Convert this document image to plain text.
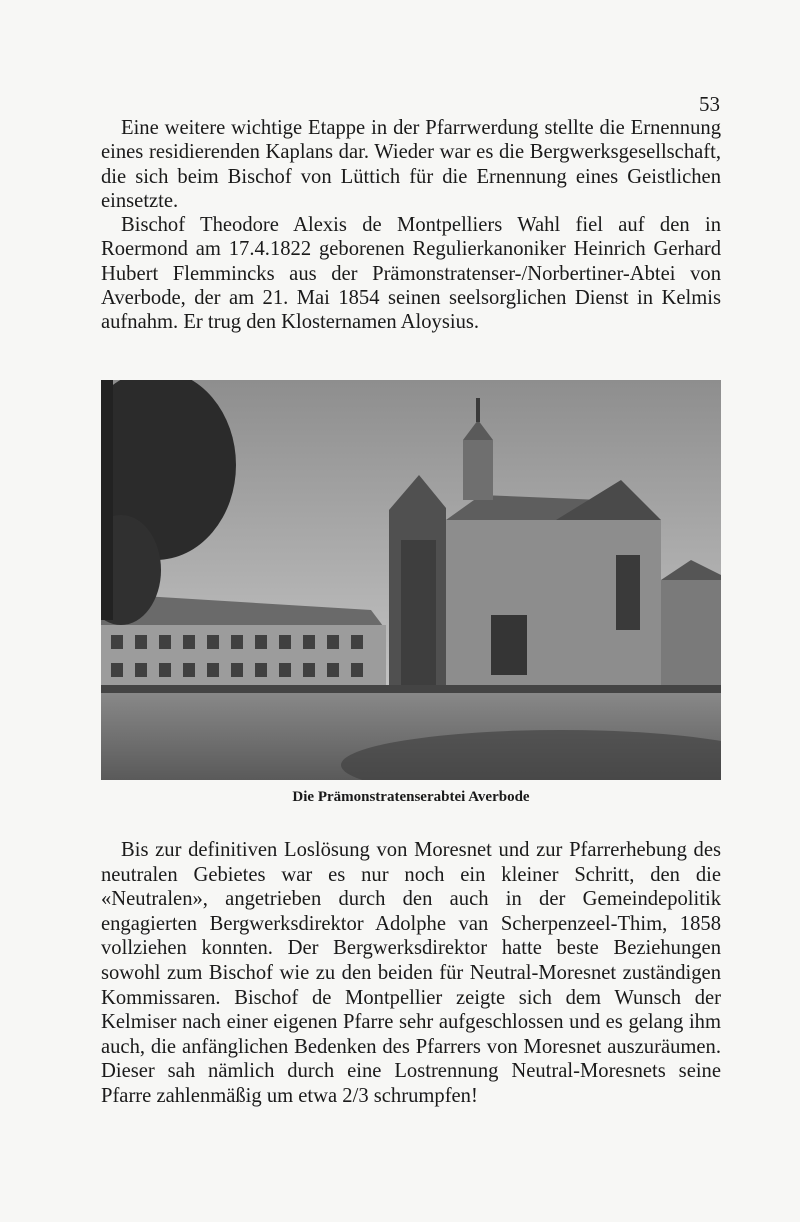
53

Eine weitere wichtige Etappe in der Pfarrwerdung stellte die Ernennung eines residierenden Kaplans dar. Wieder war es die Bergwerksgesellschaft, die sich beim Bischof von Lüttich für die Ernennung eines Geistlichen einsetzte.

Bischof Theodore Alexis de Montpelliers Wahl fiel auf den in Roermond am 17.4.1822 geborenen Regulierkanoniker Heinrich Gerhard Hubert Flemmincks aus der Prämonstratenser-/Norbertiner-Abtei von Averbode, der am 21. Mai 1854 seinen seelsorglichen Dienst in Kelmis aufnahm. Er trug den Klosternamen Aloysius.

Die Prämonstratenserabtei Averbode

Bis zur definitiven Loslösung von Moresnet und zur Pfarrerhebung des neutralen Gebietes war es nur noch ein kleiner Schritt, den die «Neutralen», angetrieben durch den auch in der Gemeindepolitik engagierten Bergwerksdirektor Adolphe van Scherpenzeel-Thim, 1858 vollziehen konnten. Der Bergwerksdirektor hatte beste Beziehungen sowohl zum Bischof wie zu den beiden für Neutral-Moresnet zuständigen Kommissaren. Bischof de Montpellier zeigte sich dem Wunsch der Kelmiser nach einer eigenen Pfarre sehr aufgeschlossen und es gelang ihm auch, die anfänglichen Bedenken des Pfarrers von Moresnet auszuräumen. Dieser sah nämlich durch eine Lostrennung Neutral-Moresnets seine Pfarre zahlenmäßig um etwa 2/3 schrumpfen!
